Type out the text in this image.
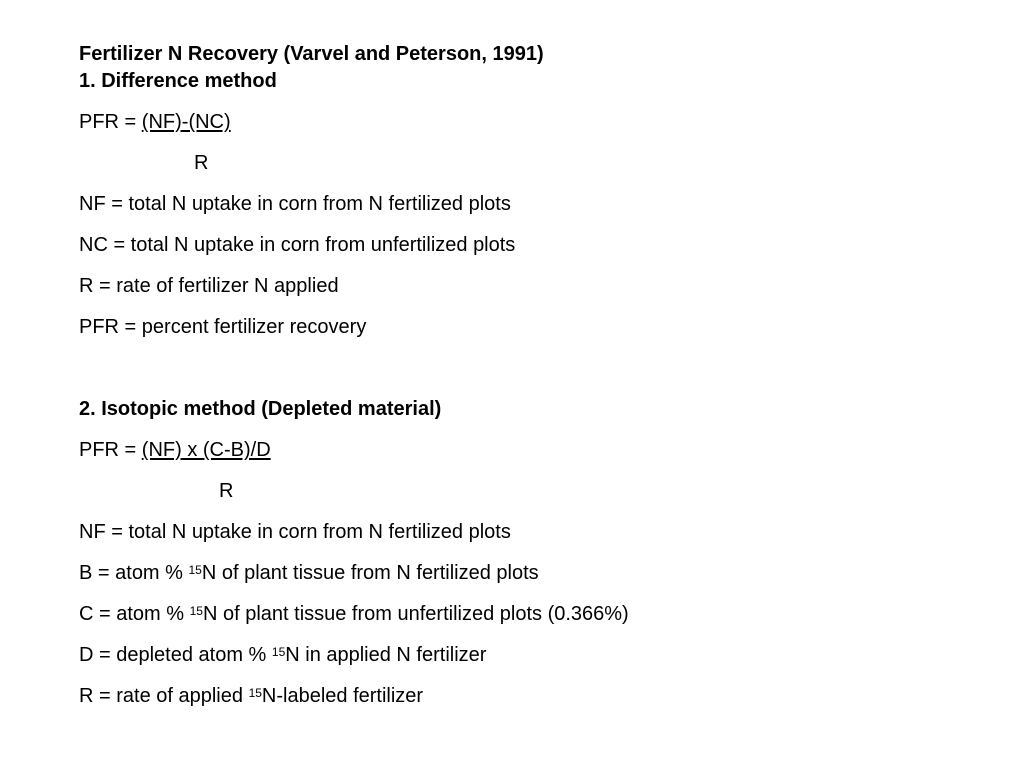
Fertilizer N Recovery (Varvel and Peterson, 1991)
1. Difference method
PFR = (NF)-(NC)
R
NF = total N uptake in corn from N fertilized plots
NC = total N uptake in corn from unfertilized plots
R = rate of fertilizer N applied
PFR = percent fertilizer recovery
2. Isotopic method (Depleted material)
PFR = (NF) x (C-B)/D
R
NF = total N uptake in corn from N fertilized plots
B = atom % $^{15}$N of plant tissue from N fertilized plots
C = atom % $^{15}$N of plant tissue from unfertilized plots (0.366%)
D = depleted atom % $^{15}$N in applied N fertilizer
R = rate of applied $^{15}$N-labeled fertilizer
